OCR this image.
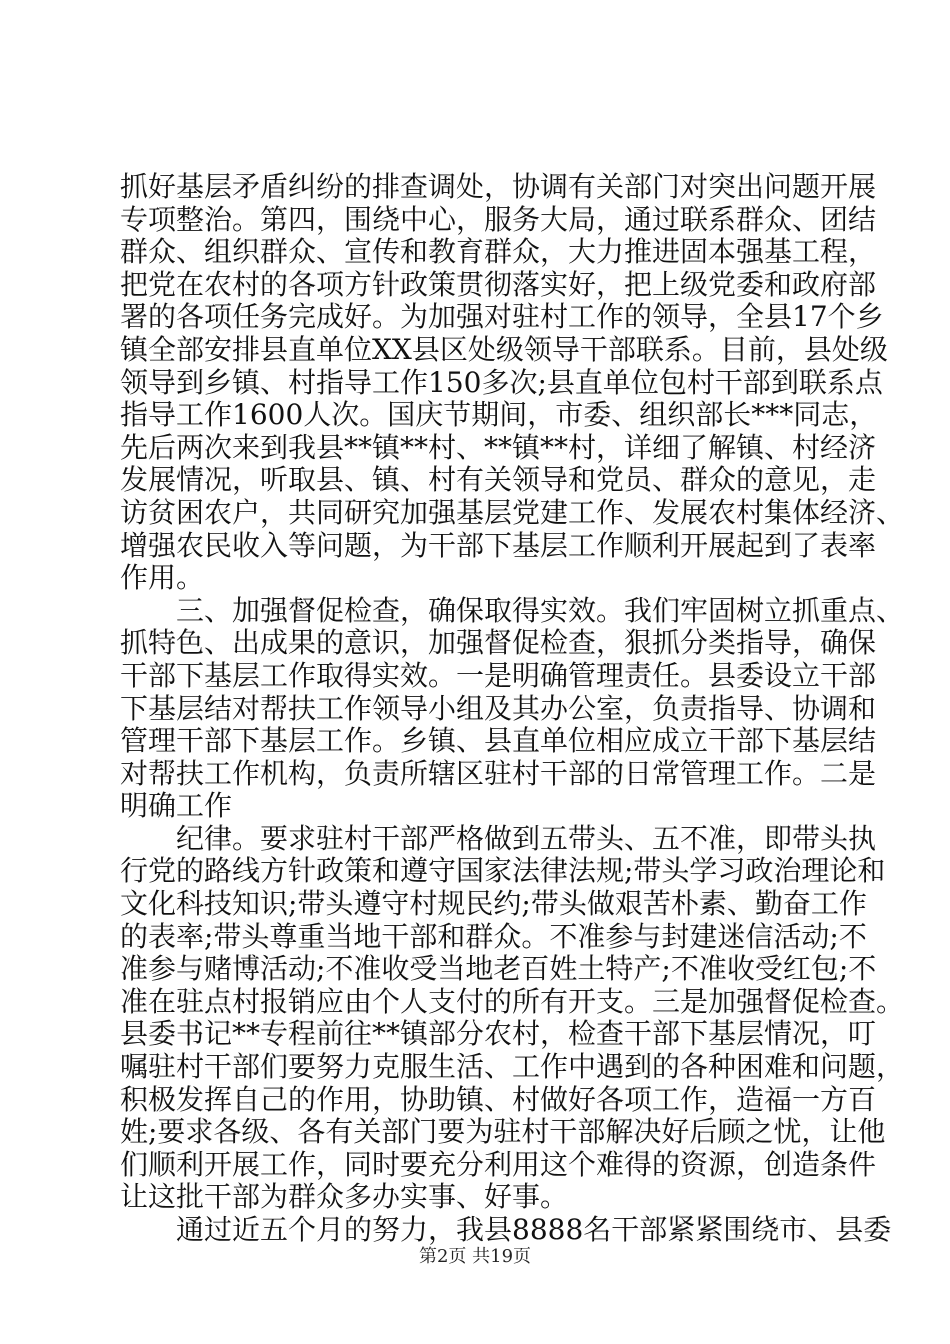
抓好基层矛盾纠纷的排查调处，协调有关部门对突出问题开展
专项整治。第四，围绕中心，服务大局，通过联系群众、团结
群众、组织群众、宣传和教育群众，大力推进固本强基工程，
把党在农村的各项方针政策贯彻落实好，把上级党委和政府部
署的各项任务完成好。为加强对驻村工作的领导，全县17个乡
镇全部安排县直单位XX县区处级领导干部联系。目前，县处级
领导到乡镇、村指导工作150多次;县直单位包村干部到联系点
指导工作1600人次。国庆节期间，市委、组织部长***同志，
先后两次来到我县**镇**村、**镇**村，详细了解镇、村经济
发展情况，听取县、镇、村有关领导和党员、群众的意见，走
访贫困农户，共同研究加强基层党建工作、发展农村集体经济、
增强农民收入等问题，为干部下基层工作顺利开展起到了表率
作用。
　　三、加强督促检查，确保取得实效。我们牢固树立抓重点、
抓特色、出成果的意识，加强督促检查，狠抓分类指导，确保
干部下基层工作取得实效。一是明确管理责任。县委设立干部
下基层结对帮扶工作领导小组及其办公室，负责指导、协调和
管理干部下基层工作。乡镇、县直单位相应成立干部下基层结
对帮扶工作机构，负责所辖区驻村干部的日常管理工作。二是
明确工作
　　纪律。要求驻村干部严格做到五带头、五不准，即带头执
行党的路线方针政策和遵守国家法律法规;带头学习政治理论和
文化科技知识;带头遵守村规民约;带头做艰苦朴素、勤奋工作
的表率;带头尊重当地干部和群众。不准参与封建迷信活动;不
准参与赌博活动;不准收受当地老百姓土特产;不准收受红包;不
准在驻点村报销应由个人支付的所有开支。三是加强督促检查。
县委书记**专程前往**镇部分农村，检查干部下基层情况，叮
嘱驻村干部们要努力克服生活、工作中遇到的各种困难和问题，
积极发挥自己的作用，协助镇、村做好各项工作，造福一方百
姓;要求各级、各有关部门要为驻村干部解决好后顾之忧，让他
们顺利开展工作，同时要充分利用这个难得的资源，创造条件
让这批干部为群众多办实事、好事。
　　通过近五个月的努力，我县8888名干部紧紧围绕市、县委
第2页 共19页
